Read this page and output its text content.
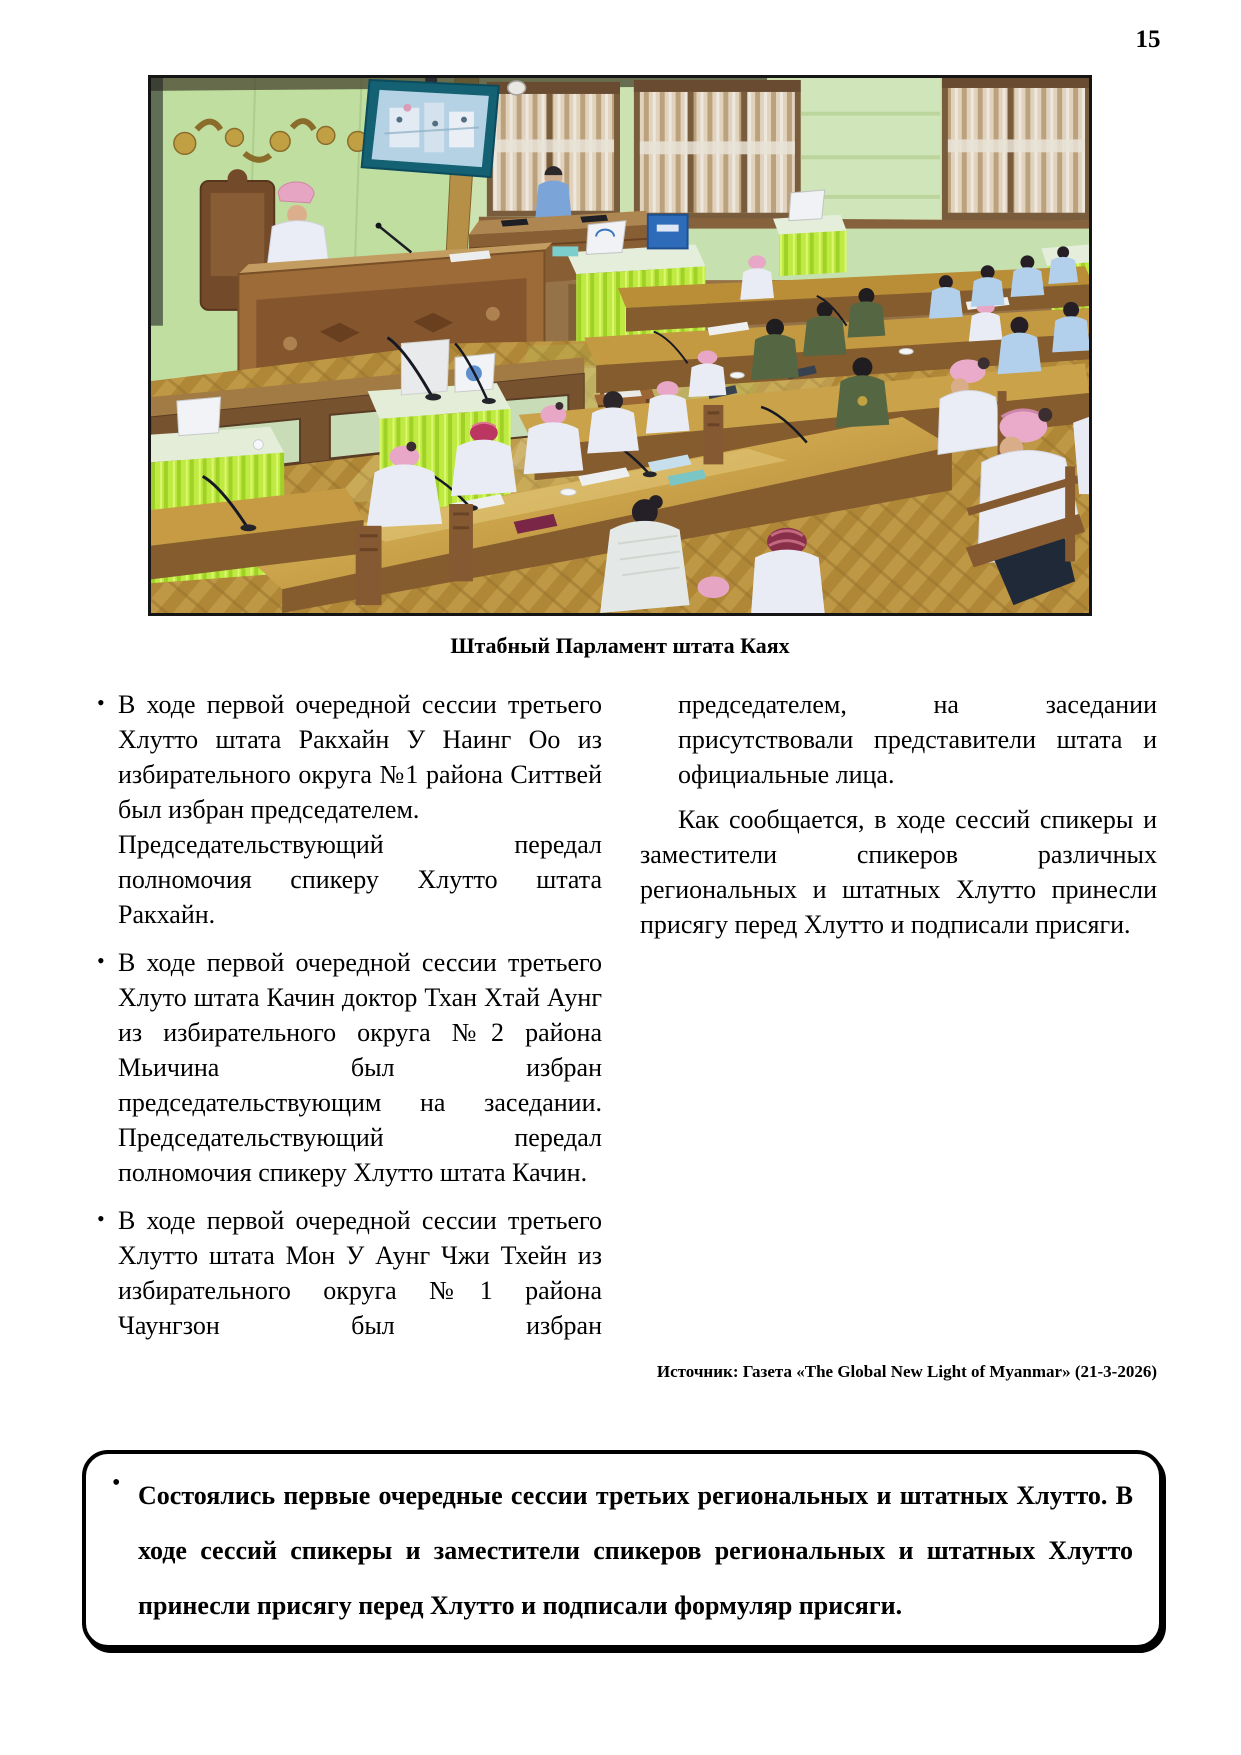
15
Штабный Парламент штата Каях
• В ходе первой очередной сессии третьего Хлутто штата Ракхайн У Наинг Оо из избирательного округа №1 района Ситтвей был избран председателем.

Председательствующий передал полномочия спикеру Хлутто штата Ракхайн.

• В ходе первой очередной сессии третьего Хлуто штата Качин доктор Тхан Хтай Аунг из избирательного округа №2 района Мьичина был избран председательствующим на заседании. Председательствующий передал полномочия спикеру Хлутто штата Качин.

• В ходе первой очередной сессии третьего Хлутто штата Мон У Аунг Чжи Тхейн из избирательного округа №1 района Чаунгзон был избран

председателем, на заседании присутствовали представители штата и официальные лица.

Как сообщается, в ходе сессий спикеры и заместители спикеров различных региональных и штатных Хлутто принесли присягу перед Хлутто и подписали присяги.

Источник: Газета «The Global New Light of Myanmar» (21-3-2026)
• Состоялись первые очередные сессии третьих региональных и штатных Хлутто. В ходе сессий спикеры и заместители спикеров региональных и штатных Хлутто принесли присягу перед Хлутто и подписали формуляр присяги.
